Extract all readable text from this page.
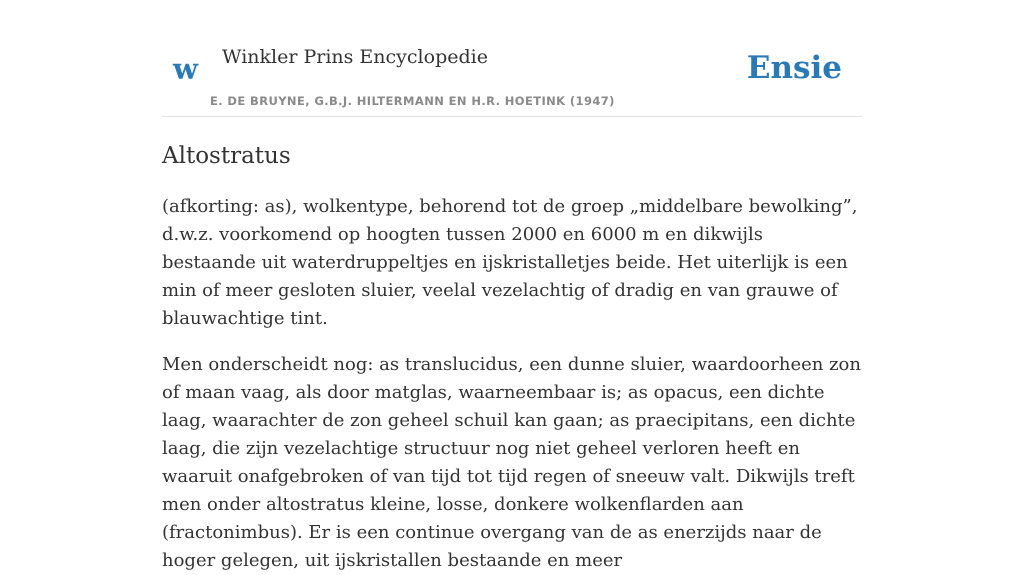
w Winkler Prins Encyclopedie
E. DE BRUYNE, G.B.J. HILTERMANN EN H.R. HOETINK (1947)
Ensie
Altostratus

(afkorting: as), wolkentype, behorend tot de groep „middelbare bewolking”, d.w.z. voorkomend op hoogten tussen 2000 en 6000 m en dikwijls bestaande uit waterdruppeltjes en ijskristalletjes beide. Het uiterlijk is een min of meer gesloten sluier, veelal vezelachtig of dradig en van grauwe of blauwachtige tint.

Men onderscheidt nog: as translucidus, een dunne sluier, waardoorheen zon of maan vaag, als door matglas, waarneembaar is; as opacus, een dichte laag, waarachter de zon geheel schuil kan gaan; as praecipitans, een dichte laag, die zijn vezelachtige structuur nog niet geheel verloren heeft en waaruit onafgebroken of van tijd tot tijd regen of sneeuw valt. Dikwijls treft men onder altostratus kleine, losse, donkere wolkenflarden aan (fractonimbus). Er is een continue overgang van de as enerzijds naar de hoger gelegen, uit ijskristallen bestaande en meer
